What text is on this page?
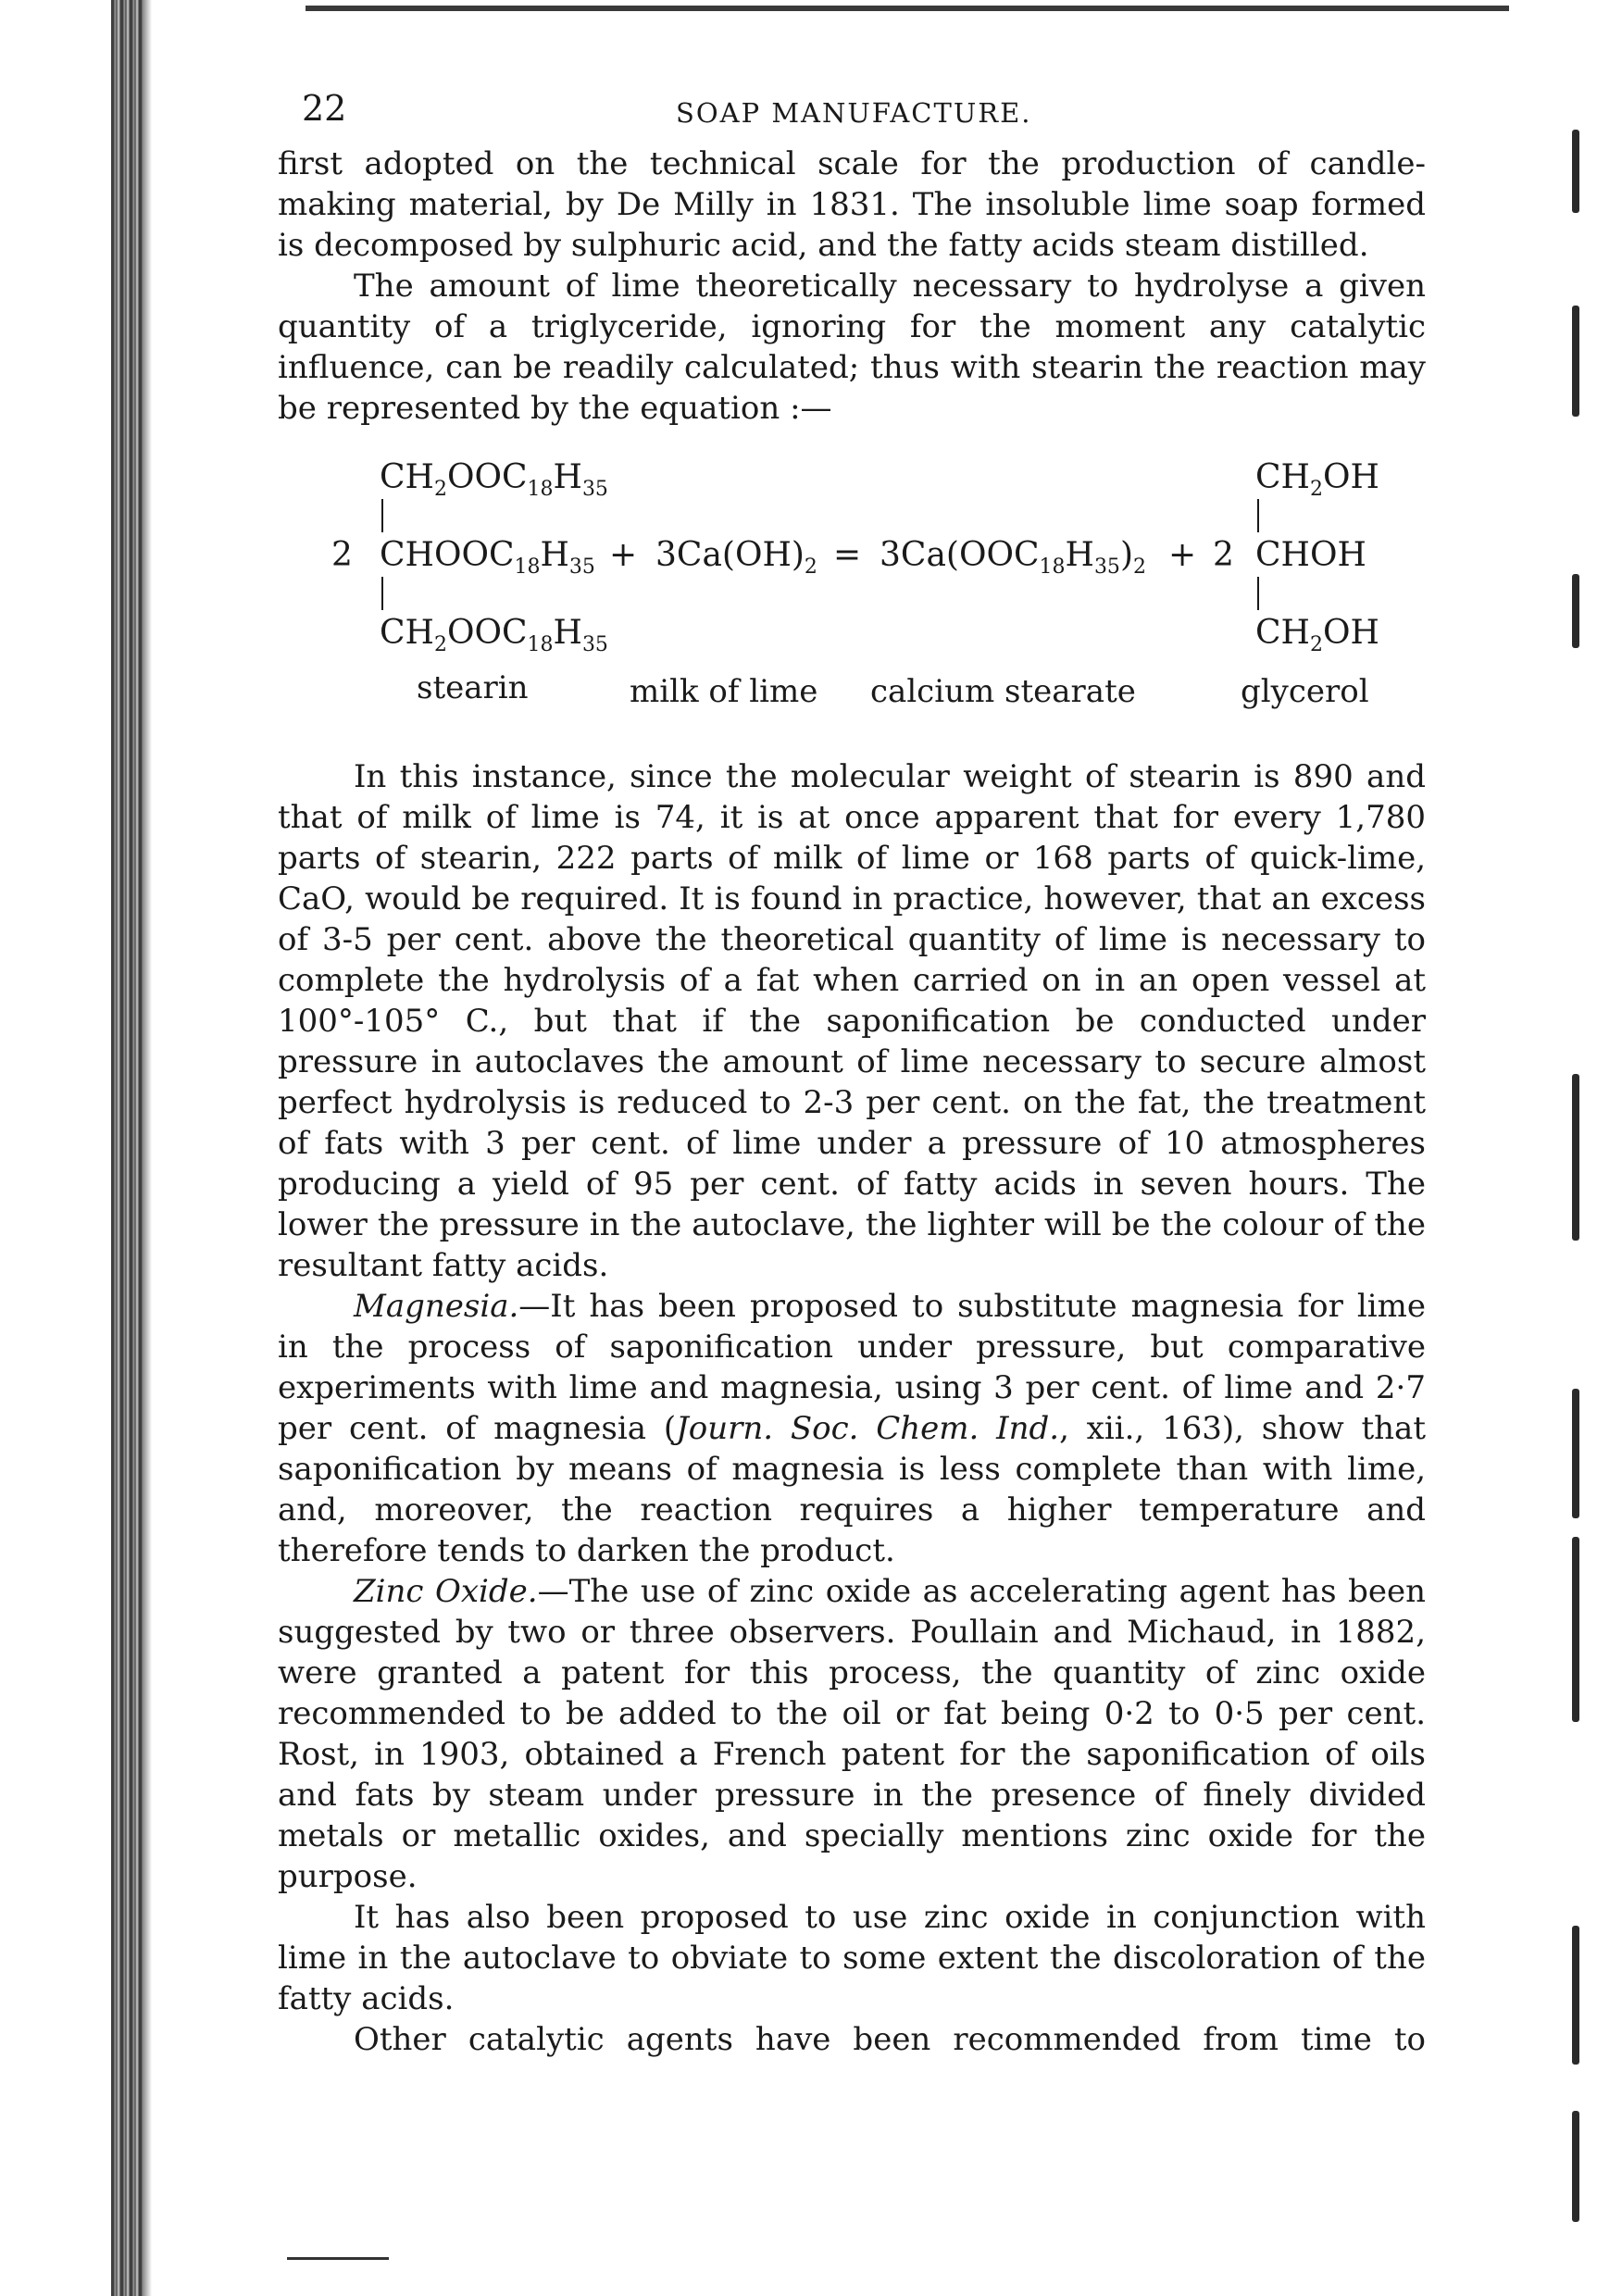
22	SOAP MANUFACTURE.

first adopted on the technical scale for the production of candle-making material, by De Milly in 1831. The insoluble lime soap formed is decomposed by sulphuric acid, and the fatty acids steam distilled.

The amount of lime theoretically necessary to hydrolyse a given quantity of a triglyceride, ignoring for the moment any catalytic influence, can be readily calculated; thus with stearin the reaction may be represented by the equation :—

$CH_2OOC_{18}H_{35}$
2 $CHOOC_{18}H_{35}$
$CH_2OOC_{18}H_{35}$
+ $3Ca(OH)_2 = 3Ca(OOC_{18}H_{35})_2 + 2$
$CH_2OH$
CHOH
$CH_2OH$
stearin	milk of lime calcium stearate	glycerol

In this instance, since the molecular weight of stearin is 890 and that of milk of lime is 74, it is at once apparent that for every 1,780 parts of stearin, 222 parts of milk of lime or 168 parts of quick-lime, CaO, would be required. It is found in practice, however, that an excess of 3-5 per cent. above the theoretical quantity of lime is necessary to complete the hydrolysis of a fat when carried on in an open vessel at 100°-105° C., but that if the saponification be conducted under pressure in autoclaves the amount of lime necessary to secure almost perfect hydrolysis is reduced to 2-3 per cent. on the fat, the treatment of fats with 3 per cent. of lime under a pressure of 10 atmospheres producing a yield of 95 per cent. of fatty acids in seven hours. The lower the pressure in the autoclave, the lighter will be the colour of the resultant fatty acids.

Magnesia.—It has been proposed to substitute magnesia for lime in the process of saponification under pressure, but comparative experiments with lime and magnesia, using 3 per cent. of lime and 2·7 per cent. of magnesia (Journ. Soc. Chem. Ind., xii., 163), show that saponification by means of magnesia is less complete than with lime, and, moreover, the reaction requires a higher temperature and therefore tends to darken the product.

Zinc Oxide.—The use of zinc oxide as accelerating agent has been suggested by two or three observers. Poullain and Michaud, in 1882, were granted a patent for this process, the quantity of zinc oxide recommended to be added to the oil or fat being 0·2 to 0·5 per cent. Rost, in 1903, obtained a French patent for the saponification of oils and fats by steam under pressure in the presence of finely divided metals or metallic oxides, and specially mentions zinc oxide for the purpose.

It has also been proposed to use zinc oxide in conjunction with lime in the autoclave to obviate to some extent the discoloration of the fatty acids.

Other catalytic agents have been recommended from time to
